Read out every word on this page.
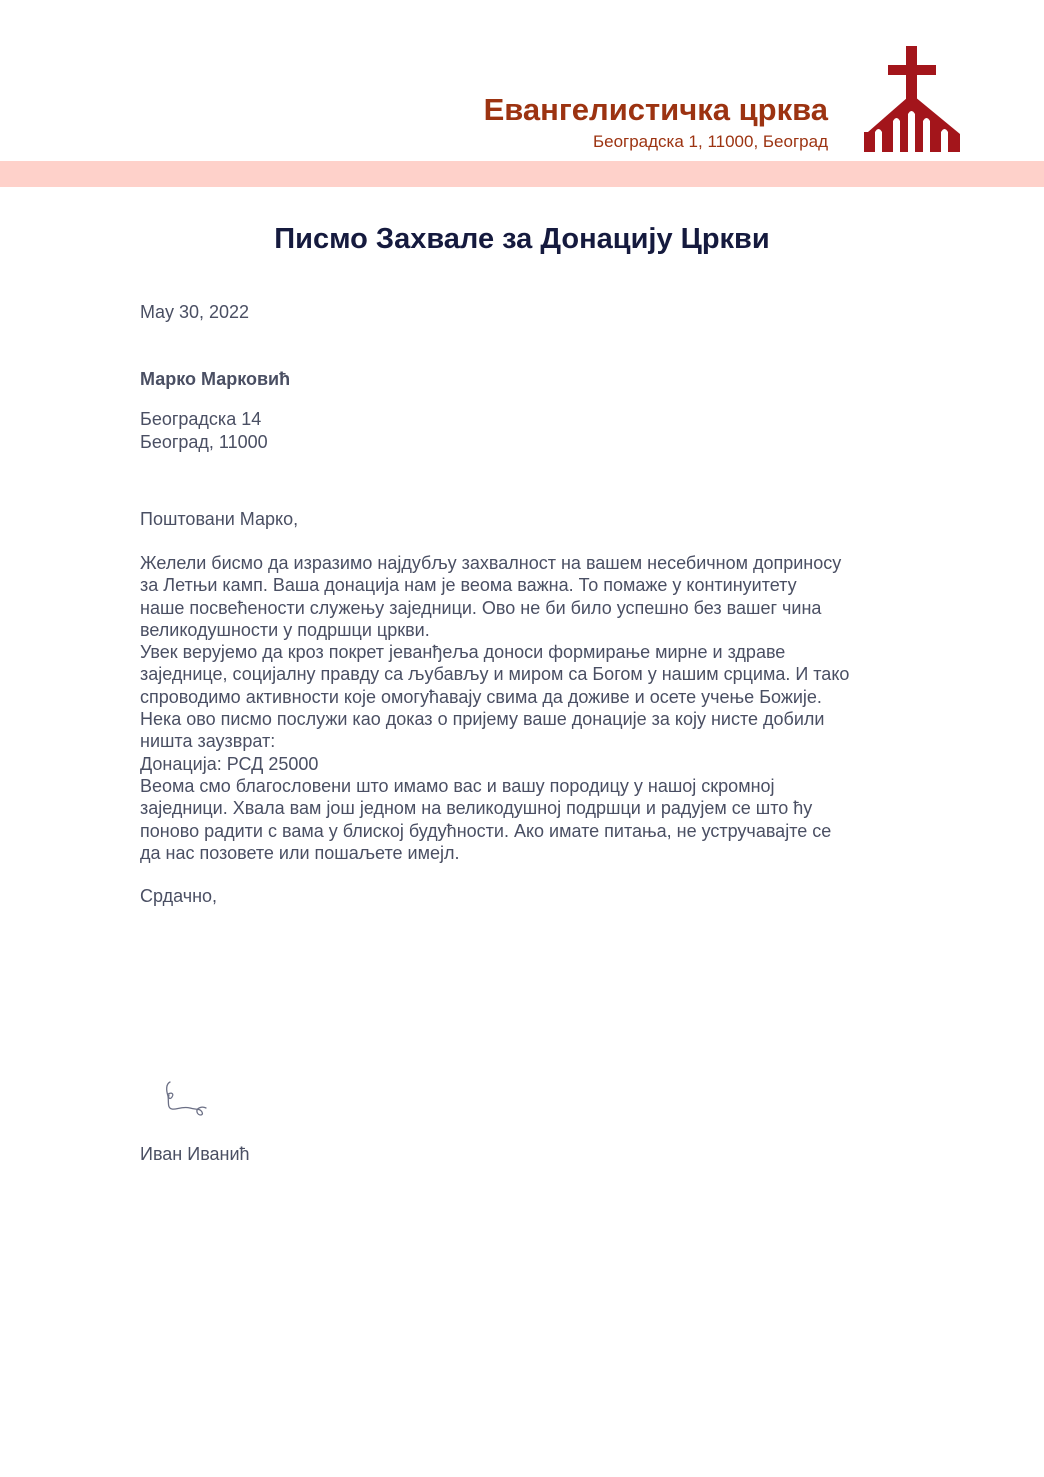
Евангелистичка црква
Београдска 1, 11000, Београд
Писмо Захвале за Донацију Цркви
May 30, 2022
Марко Марковић
Београдска 14
Београд, 11000
Поштовани Марко,
Желели бисмо да изразимо најдубљу захвалност на вашем несебичном доприносу
за Летњи камп. Ваша донација нам је веома важна. То помаже у континуитету
наше посвећености служењу заједници. Ово не би било успешно без вашег чина
великодушности у подршци цркви.
Увек верујемо да кроз покрет јеванђеља доноси формирање мирне и здраве
заједнице, социјалну правду са љубављу и миром са Богом у нашим срцима. И тако
спроводимо активности које омогућавају свима да доживе и осете учење Божије.
Нека ово писмо послужи као доказ о пријему ваше донације за коју нисте добили
ништа заузврат:
Донација: РСД 25000
Веома смо благословени што имамо вас и вашу породицу у нашој скромној
заједници. Хвала вам још једном на великодушној подршци и радујем се што ћу
поново радити с вама у блиској будућности. Ако имате питања, не устручавајте се
да нас позовете или пошаљете имејл.
Срдачно,
Иван Иванић
